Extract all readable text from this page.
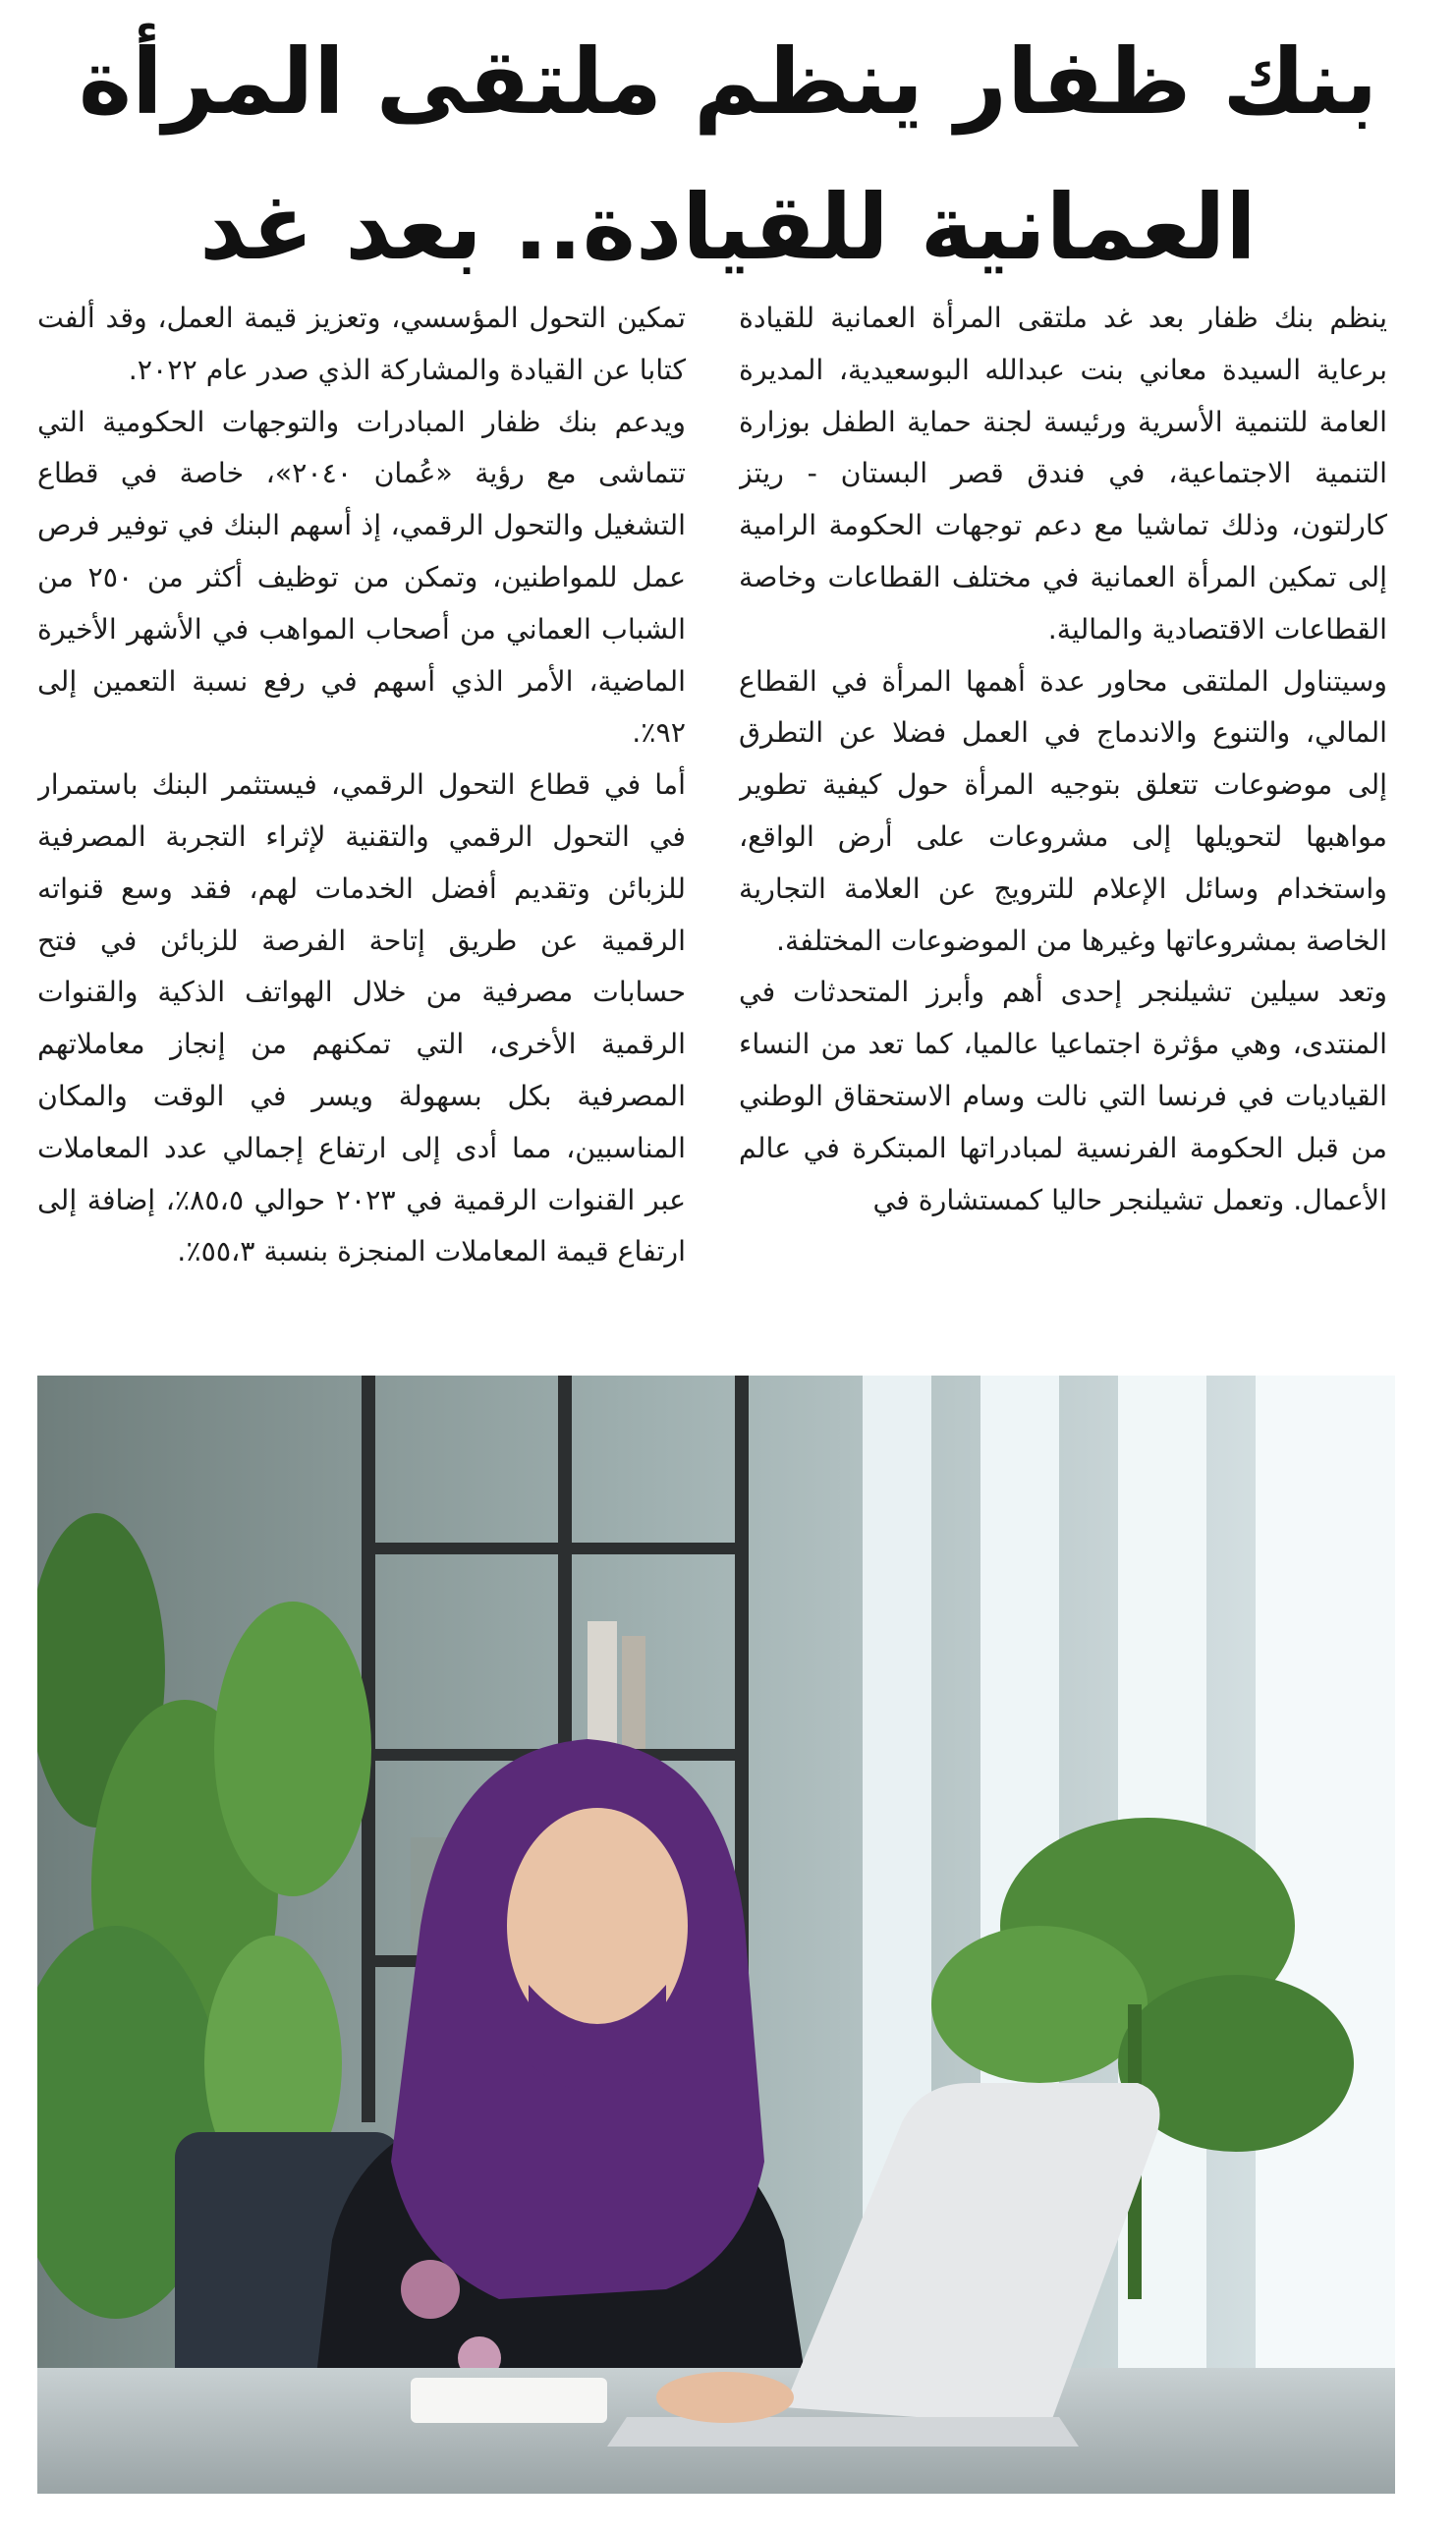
بنك ظفار ينظم ملتقى المرأة
العمانية للقيادة.. بعد غد

ينظم بنك ظفار بعد غد ملتقى المرأة العمانية للقيادة برعاية السيدة معاني بنت عبدالله البوسعيدية، المديرة العامة للتنمية الأسرية ورئيسة لجنة حماية الطفل بوزارة التنمية الاجتماعية، في فندق قصر البستان - ريتز كارلتون، وذلك تماشيا مع دعم توجهات الحكومة الرامية إلى تمكين المرأة العمانية في مختلف القطاعات وخاصة القطاعات الاقتصادية والمالية.

وسيتناول الملتقى محاور عدة أهمها المرأة في القطاع المالي، والتنوع والاندماج في العمل فضلا عن التطرق إلى موضوعات تتعلق بتوجيه المرأة حول كيفية تطوير مواهبها لتحويلها إلى مشروعات على أرض الواقع، واستخدام وسائل الإعلام للترويج عن العلامة التجارية الخاصة بمشروعاتها وغيرها من الموضوعات المختلفة.

وتعد سيلين تشيلنجر إحدى أهم وأبرز المتحدثات في المنتدى، وهي مؤثرة اجتماعيا عالميا، كما تعد من النساء القياديات في فرنسا التي نالت وسام الاستحقاق الوطني من قبل الحكومة الفرنسية لمبادراتها المبتكرة في عالم الأعمال. وتعمل تشيلنجر حاليا كمستشارة في

تمكين التحول المؤسسي، وتعزيز قيمة العمل، وقد ألفت كتابا عن القيادة والمشاركة الذي صدر عام ٢٠٢٢.

ويدعم بنك ظفار المبادرات والتوجهات الحكومية التي تتماشى مع رؤية «عُمان ٢٠٤٠»، خاصة في قطاع التشغيل والتحول الرقمي، إذ أسهم البنك في توفير فرص عمل للمواطنين، وتمكن من توظيف أكثر من ٢٥٠ من الشباب العماني من أصحاب المواهب في الأشهر الأخيرة الماضية، الأمر الذي أسهم في رفع نسبة التعمين إلى ٩٢٪.

أما في قطاع التحول الرقمي، فيستثمر البنك باستمرار في التحول الرقمي والتقنية لإثراء التجربة المصرفية للزبائن وتقديم أفضل الخدمات لهم، فقد وسع قنواته الرقمية عن طريق إتاحة الفرصة للزبائن في فتح حسابات مصرفية من خلال الهواتف الذكية والقنوات الرقمية الأخرى، التي تمكنهم من إنجاز معاملاتهم المصرفية بكل بسهولة ويسر في الوقت والمكان المناسبين، مما أدى إلى ارتفاع إجمالي عدد المعاملات عبر القنوات الرقمية في ٢٠٢٣ حوالي ٨٥،٥٪، إضافة إلى ارتفاع قيمة المعاملات المنجزة بنسبة ٥٥،٣٪.
